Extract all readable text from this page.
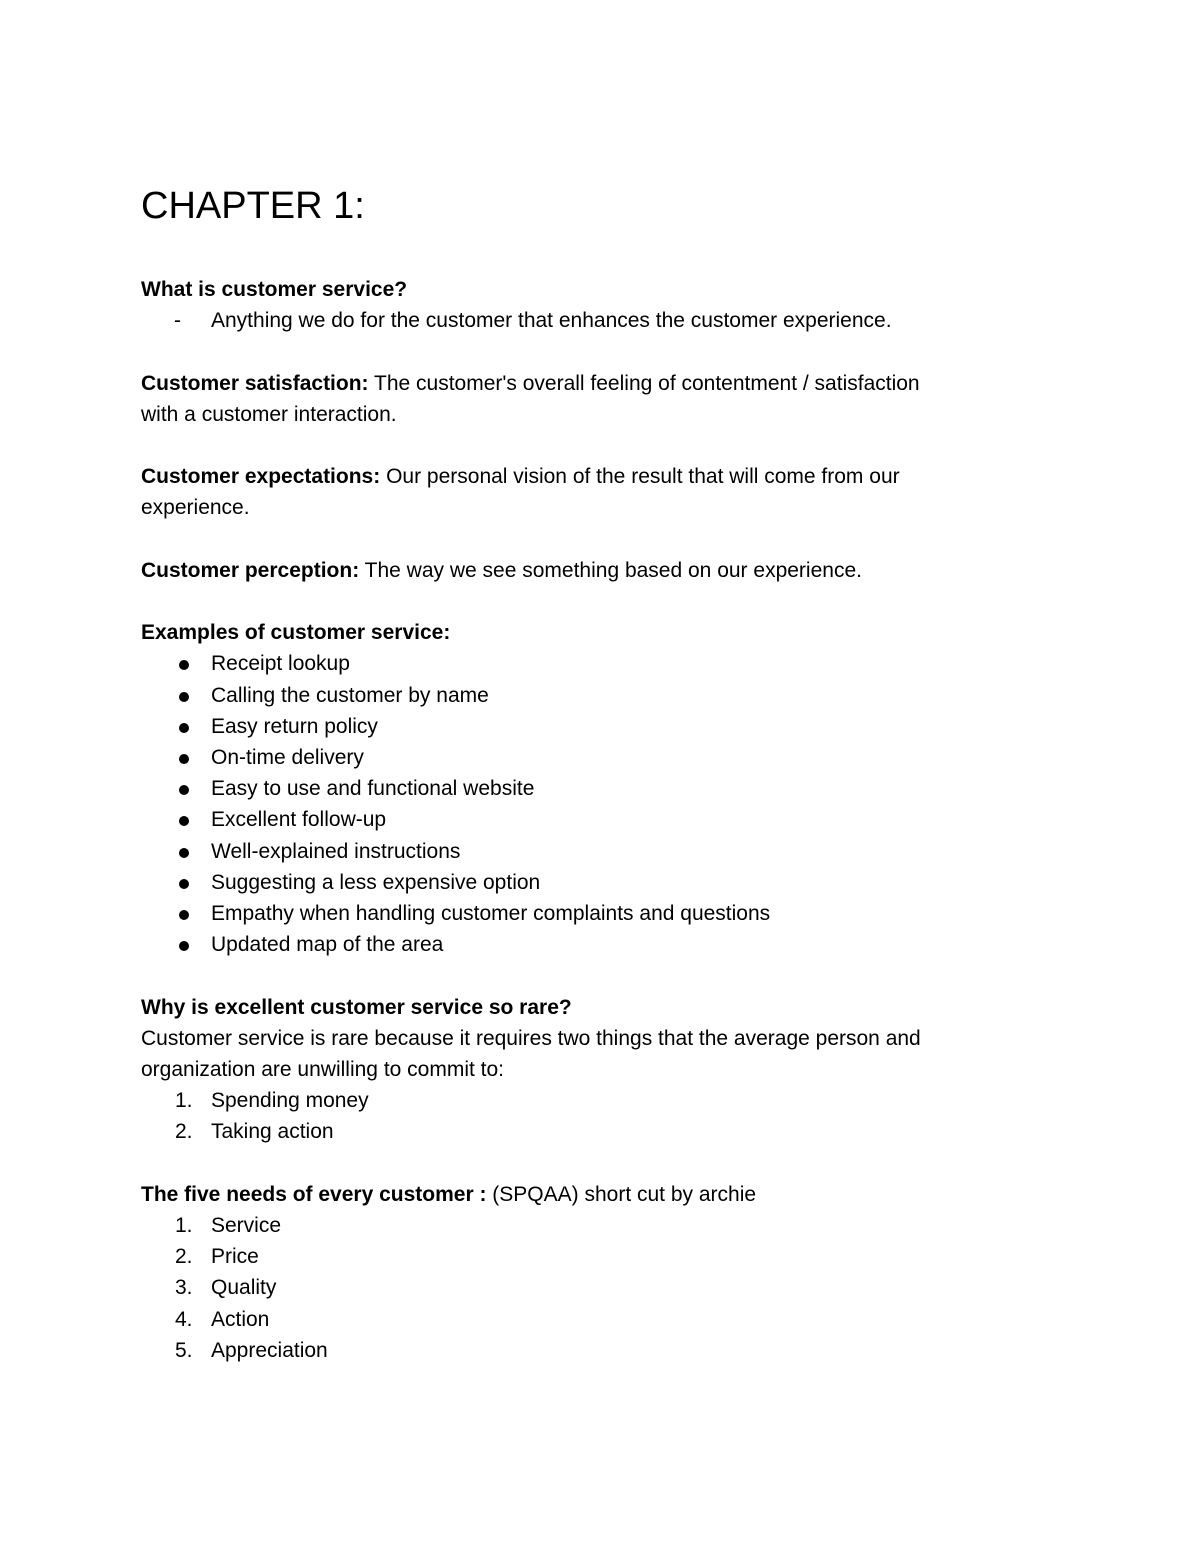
CHAPTER 1:

What is customer service?

-	Anything we do for the customer that enhances the customer experience.

Customer satisfaction: The customer's overall feeling of contentment / satisfaction

with a customer interaction.

Customer expectations: Our personal vision of the result that will come from our

experience.

Customer perception: The way we see something based on our experience.

Examples of customer service:

Receipt lookup

Calling the customer by name

Easy return policy

On-time delivery

Easy to use and functional website

Excellent follow-up

Well-explained instructions

Suggesting a less expensive option

Empathy when handling customer complaints and questions

Updated map of the area

Why is excellent customer service so rare?

Customer service is rare because it requires two things that the average person and

organization are unwilling to commit to:

1. Spending money

2. Taking action

The five needs of every customer : (SPQAA) short cut by archie

1. Service

2. Price

3. Quality

4. Action

5. Appreciation
